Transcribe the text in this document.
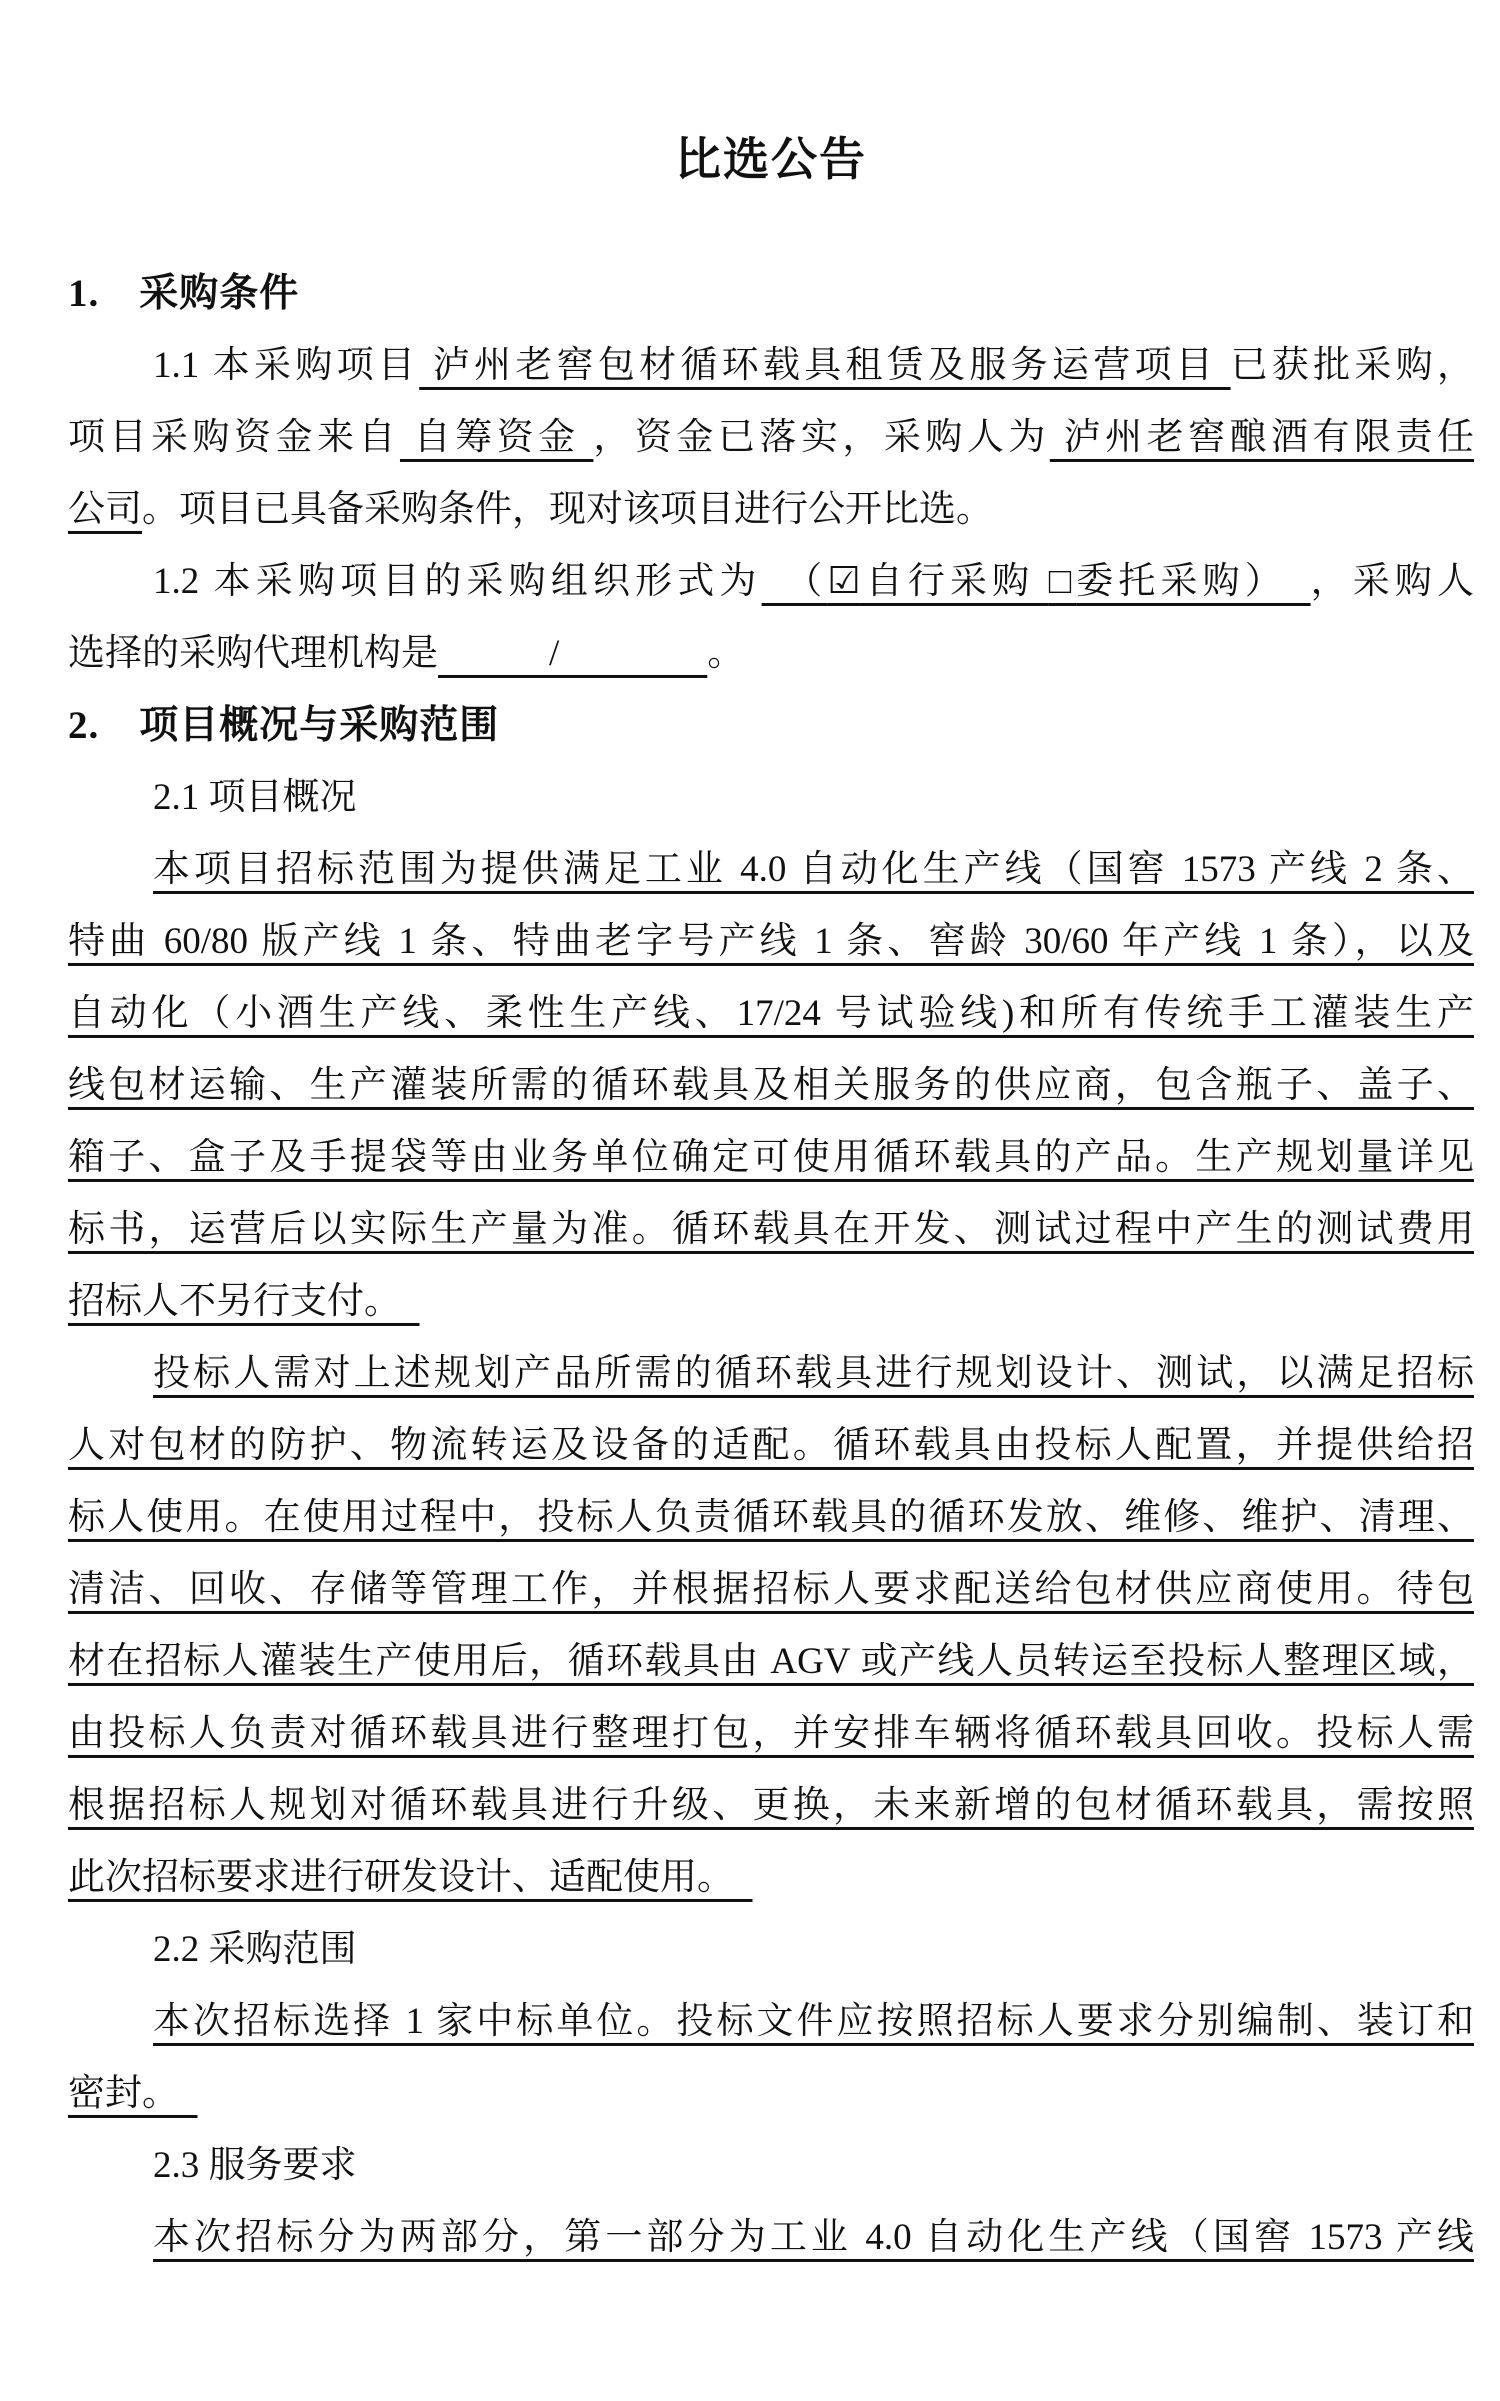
比选公告
1.　采购条件
1.1 本采购项目 泸州老窖包材循环载具租赁及服务运营项目 已获批采购，
项目采购资金来自 自筹资金 ，资金已落实，采购人为 泸州老窖酿酒有限责任
公司。项目已具备采购条件，现对该项目进行公开比选。
1.2 本采购项目的采购组织形式为　（☑自行采购 □委托采购）　，采购人
选择的采购代理机构是　　　/　　　　。
2.　项目概况与采购范围
2.1 项目概况
本项目招标范围为提供满足工业 4.0 自动化生产线（国窖 1573 产线 2 条、
特曲 60/80 版产线 1 条、特曲老字号产线 1 条、窖龄 30/60 年产线 1 条），以及
自动化（小酒生产线、柔性生产线、17/24 号试验线)和所有传统手工灌装生产
线包材运输、生产灌装所需的循环载具及相关服务的供应商，包含瓶子、盖子、
箱子、盒子及手提袋等由业务单位确定可使用循环载具的产品。生产规划量详见
标书，运营后以实际生产量为准。循环载具在开发、测试过程中产生的测试费用
招标人不另行支付。　
投标人需对上述规划产品所需的循环载具进行规划设计、测试，以满足招标
人对包材的防护、物流转运及设备的适配。循环载具由投标人配置，并提供给招
标人使用。在使用过程中，投标人负责循环载具的循环发放、维修、维护、清理、
清洁、回收、存储等管理工作，并根据招标人要求配送给包材供应商使用。待包
材在招标人灌装生产使用后，循环载具由 AGV 或产线人员转运至投标人整理区域，
由投标人负责对循环载具进行整理打包，并安排车辆将循环载具回收。投标人需
根据招标人规划对循环载具进行升级、更换，未来新增的包材循环载具，需按照
此次招标要求进行研发设计、适配使用。　
2.2 采购范围
本次招标选择 1 家中标单位。投标文件应按照招标人要求分别编制、装订和
密封。　
2.3 服务要求
本次招标分为两部分，第一部分为工业 4.0 自动化生产线（国窖 1573 产线
